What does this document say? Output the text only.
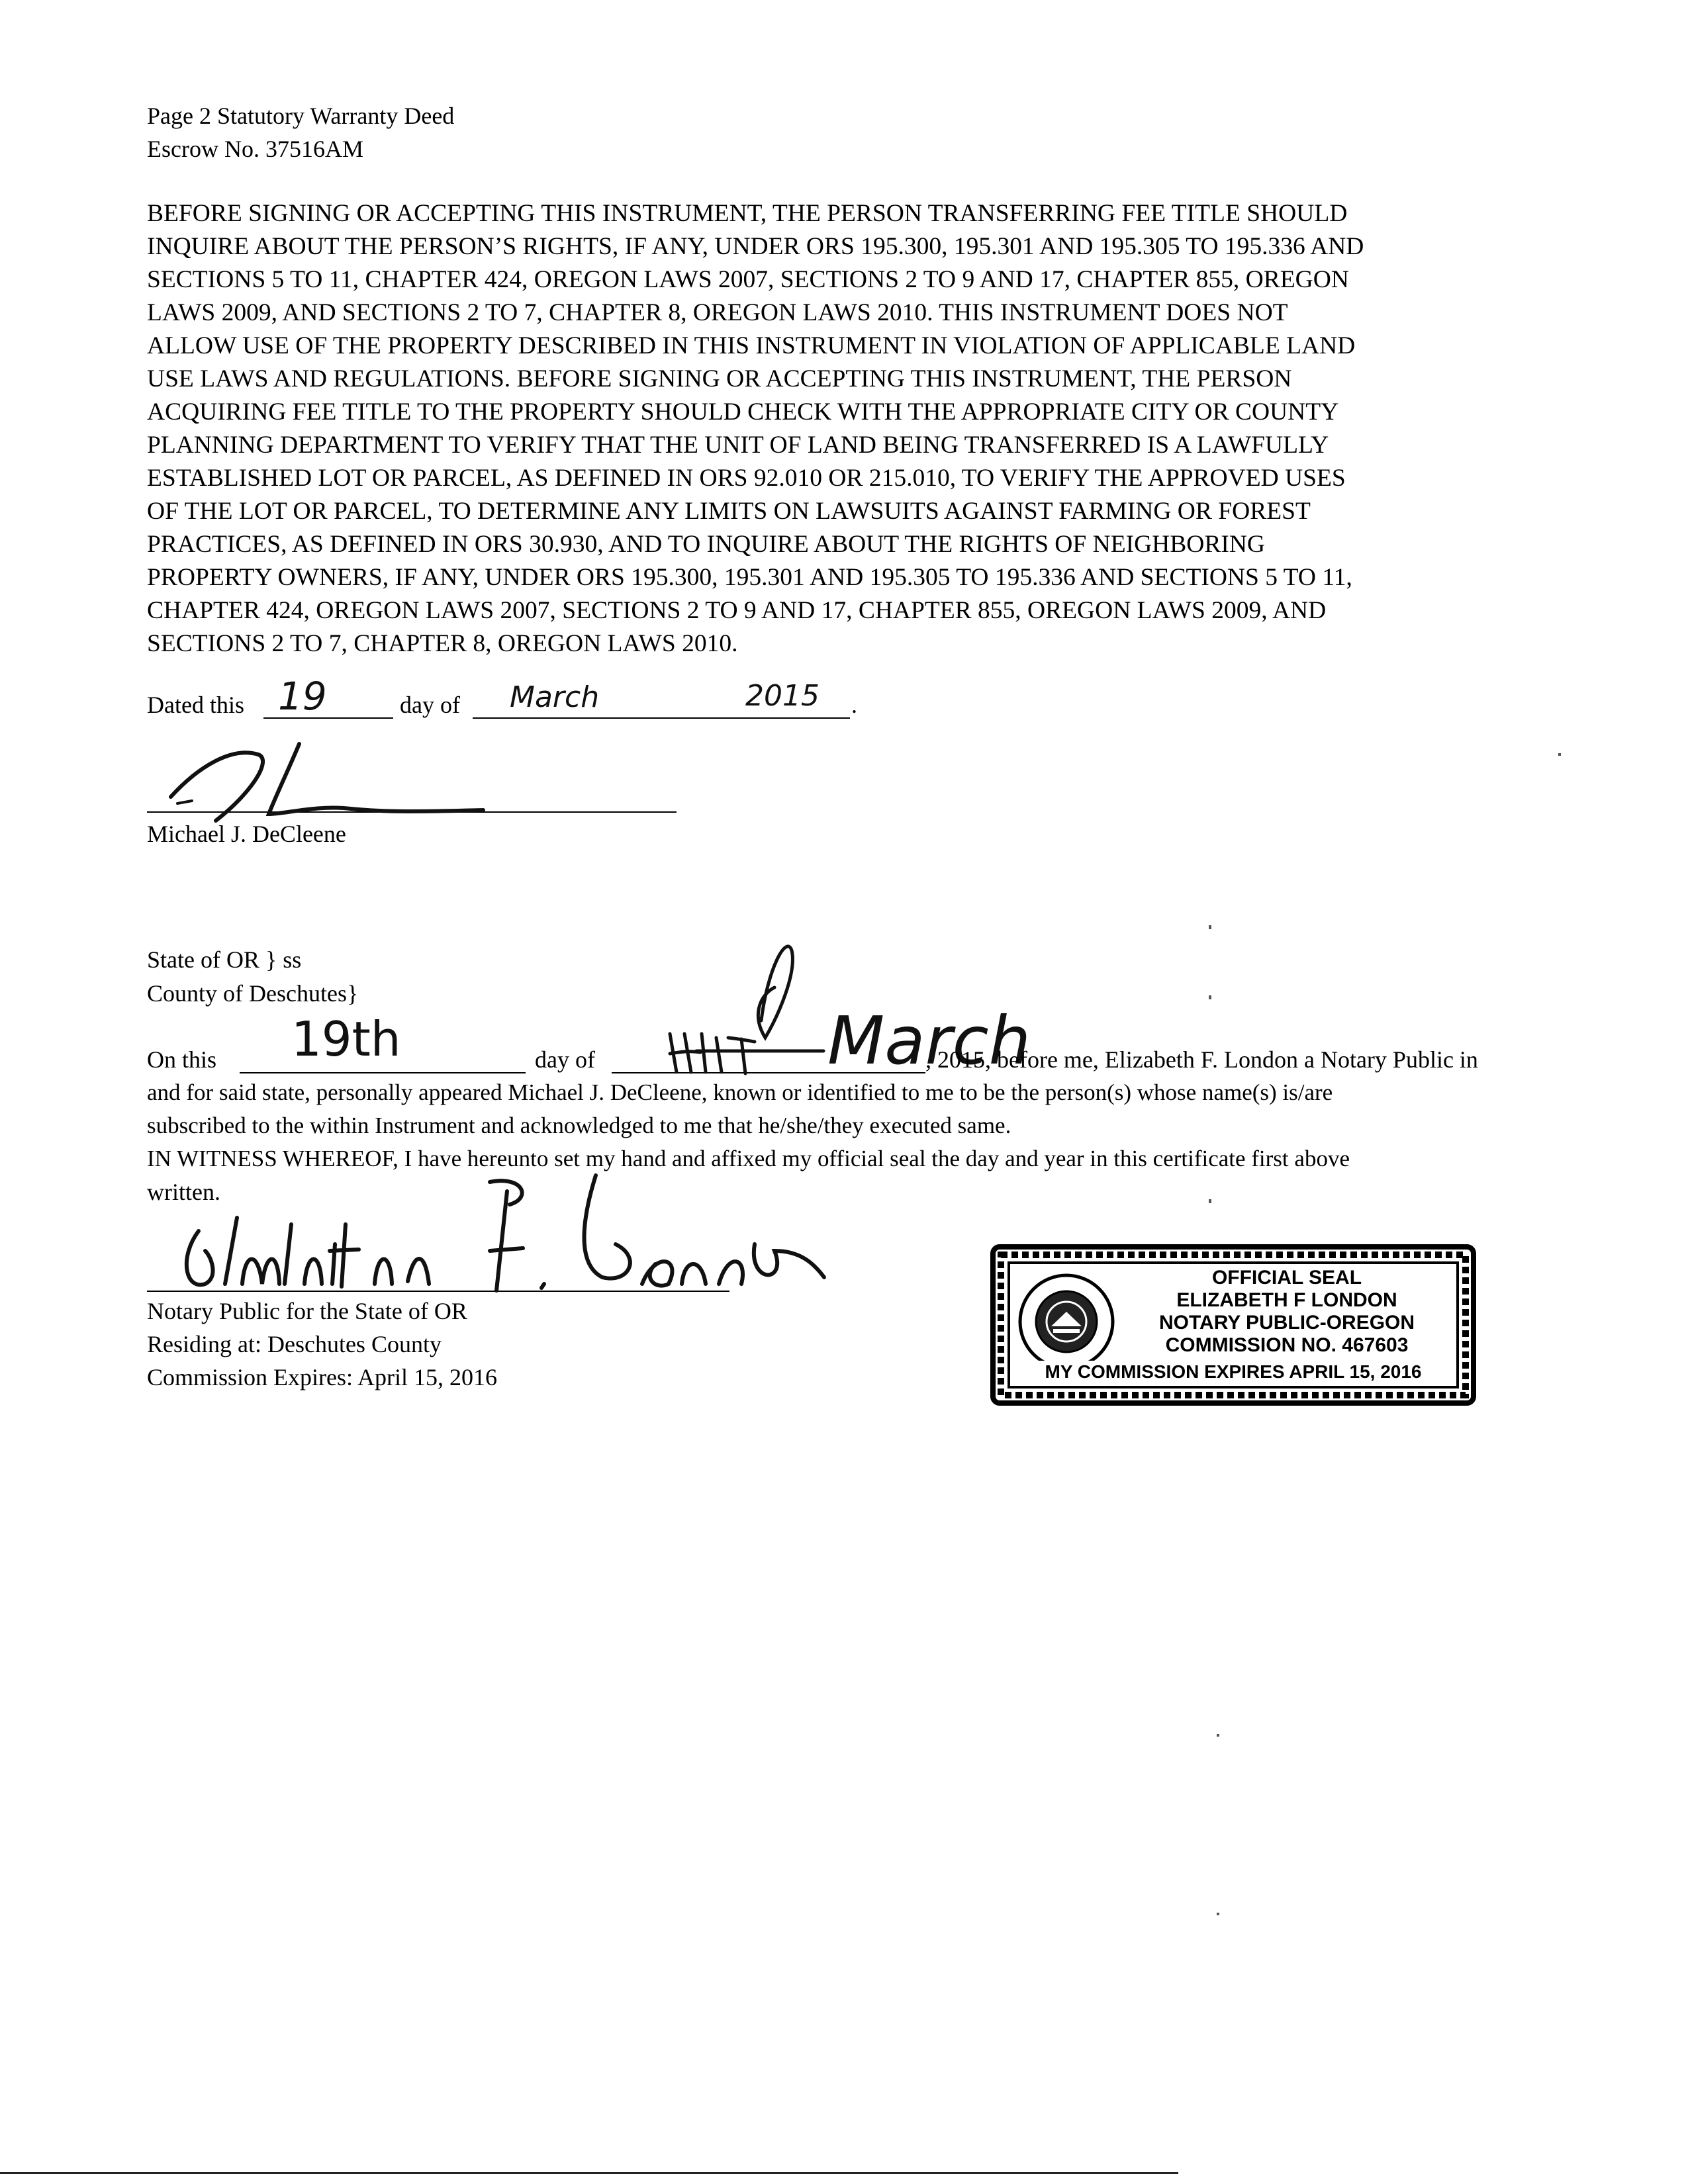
Page 2 Statutory Warranty Deed
Escrow No. 37516AM
BEFORE SIGNING OR ACCEPTING THIS INSTRUMENT, THE PERSON TRANSFERRING FEE TITLE SHOULD
INQUIRE ABOUT THE PERSON’S RIGHTS, IF ANY, UNDER ORS 195.300, 195.301 AND 195.305 TO 195.336 AND
SECTIONS 5 TO 11, CHAPTER 424, OREGON LAWS 2007, SECTIONS 2 TO 9 AND 17, CHAPTER 855, OREGON
LAWS 2009, AND SECTIONS 2 TO 7, CHAPTER 8, OREGON LAWS 2010. THIS INSTRUMENT DOES NOT
ALLOW USE OF THE PROPERTY DESCRIBED IN THIS INSTRUMENT IN VIOLATION OF APPLICABLE LAND
USE LAWS AND REGULATIONS. BEFORE SIGNING OR ACCEPTING THIS INSTRUMENT, THE PERSON
ACQUIRING FEE TITLE TO THE PROPERTY SHOULD CHECK WITH THE APPROPRIATE CITY OR COUNTY
PLANNING DEPARTMENT TO VERIFY THAT THE UNIT OF LAND BEING TRANSFERRED IS A LAWFULLY
ESTABLISHED LOT OR PARCEL, AS DEFINED IN ORS 92.010 OR 215.010, TO VERIFY THE APPROVED USES
OF THE LOT OR PARCEL, TO DETERMINE ANY LIMITS ON LAWSUITS AGAINST FARMING OR FOREST
PRACTICES, AS DEFINED IN ORS 30.930, AND TO INQUIRE ABOUT THE RIGHTS OF NEIGHBORING
PROPERTY OWNERS, IF ANY, UNDER ORS 195.300, 195.301 AND 195.305 TO 195.336 AND SECTIONS 5 TO 11,
CHAPTER 424, OREGON LAWS 2007, SECTIONS 2 TO 9 AND 17, CHAPTER 855, OREGON LAWS 2009, AND
SECTIONS 2 TO 7, CHAPTER 8, OREGON LAWS 2010.
Dated this 19	day of March	2015 .
Michael J. DeCleene
State of OR } ss
County of Deschutes}
On this 19th	day of	March
, 2015, before me, Elizabeth F. London a Notary Public in
and for said state, personally appeared Michael J. DeCleene, known or identified to me to be the person(s) whose name(s) is/are
subscribed to the within Instrument and acknowledged to me that he/she/they executed same.
IN WITNESS WHEREOF, I have hereunto set my hand and affixed my official seal the day and year in this certificate first above
written.
Notary Public for the State of OR
Residing at: Deschutes County
Commission Expires: April 15, 2016
OFFICIAL SEAL
ELIZABETH F LONDON
NOTARY PUBLIC-OREGON
COMMISSION NO. 467603
MY COMMISSION EXPIRES APRIL 15, 2016
